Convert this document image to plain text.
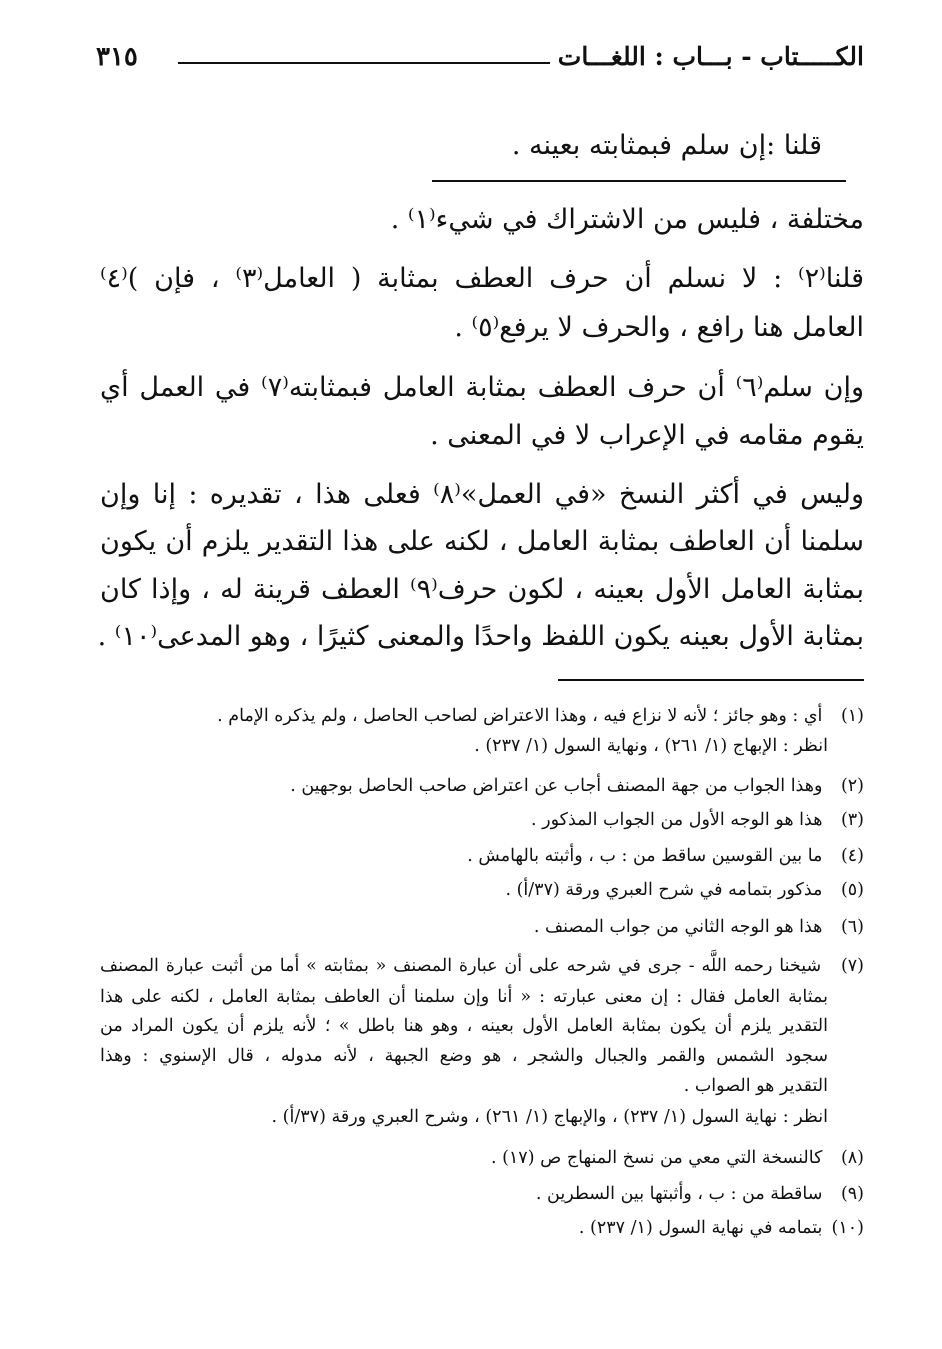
الكـــــتاب - بـــاب : اللغـــات
٣١٥
قلنا :إن سلم فبمثابته بعينه .
مختلفة ، فليس من الاشتراك في شيء⁽١⁾ .
قلنا⁽٢⁾ : لا نسلم أن حرف العطف بمثابة ( العامل⁽٣⁾ ، فإن )⁽٤⁾
العامل هنا رافع ، والحرف لا يرفع⁽٥⁾ .
وإن سلم⁽٦⁾ أن حرف العطف بمثابة العامل فبمثابته⁽٧⁾ في العمل أي
يقوم مقامه في الإعراب لا في المعنى .
وليس في أكثر النسخ «في العمل»⁽٨⁾ فعلى هذا ، تقديره : إنا وإن
سلمنا أن العاطف بمثابة العامل ، لكنه على هذا التقدير يلزم أن يكون
بمثابة العامل الأول بعينه ، لكون حرف⁽٩⁾ العطف قرينة له ، وإذا كان
بمثابة الأول بعينه يكون اللفظ واحدًا والمعنى كثيرًا ، وهو المدعى⁽١٠⁾ .
(١) أي : وهو جائز ؛ لأنه لا نزاع فيه ، وهذا الاعتراض لصاحب الحاصل ، ولم يذكره الإمام .
انظر : الإبهاج (١/ ٢٦١) ، ونهاية السول (١/ ٢٣٧) .
(٢) وهذا الجواب من جهة المصنف أجاب عن اعتراض صاحب الحاصل بوجهين .
(٣) هذا هو الوجه الأول من الجواب المذكور .
(٤) ما بين القوسين ساقط من : ب ، وأثبته بالهامش .
(٥) مذكور بتمامه في شرح العبري ورقة (٣٧/أ) .
(٦) هذا هو الوجه الثاني من جواب المصنف .
(٧) شيخنا رحمه اللَّه - جرى في شرحه على أن عبارة المصنف « بمثابته » أما من أثبت عبارة المصنف
بمثابة العامل فقال : إن معنى عبارته : « أنا وإن سلمنا أن العاطف بمثابة العامل ، لكنه على هذا
التقدير يلزم أن يكون بمثابة العامل الأول بعينه ، وهو هنا باطل » ؛ لأنه يلزم أن يكون المراد من
سجود الشمس والقمر والجبال والشجر ، هو وضع الجبهة ، لأنه مدوله ، قال الإسنوي : وهذا
التقدير هو الصواب .
انظر : نهاية السول (١/ ٢٣٧) ، والإبهاج (١/ ٢٦١) ، وشرح العبري ورقة (٣٧/أ) .
(٨) كالنسخة التي معي من نسخ المنهاج ص (١٧) .
(٩) ساقطة من : ب ، وأثبتها بين السطرين .
(١٠) بتمامه في نهاية السول (١/ ٢٣٧) .
